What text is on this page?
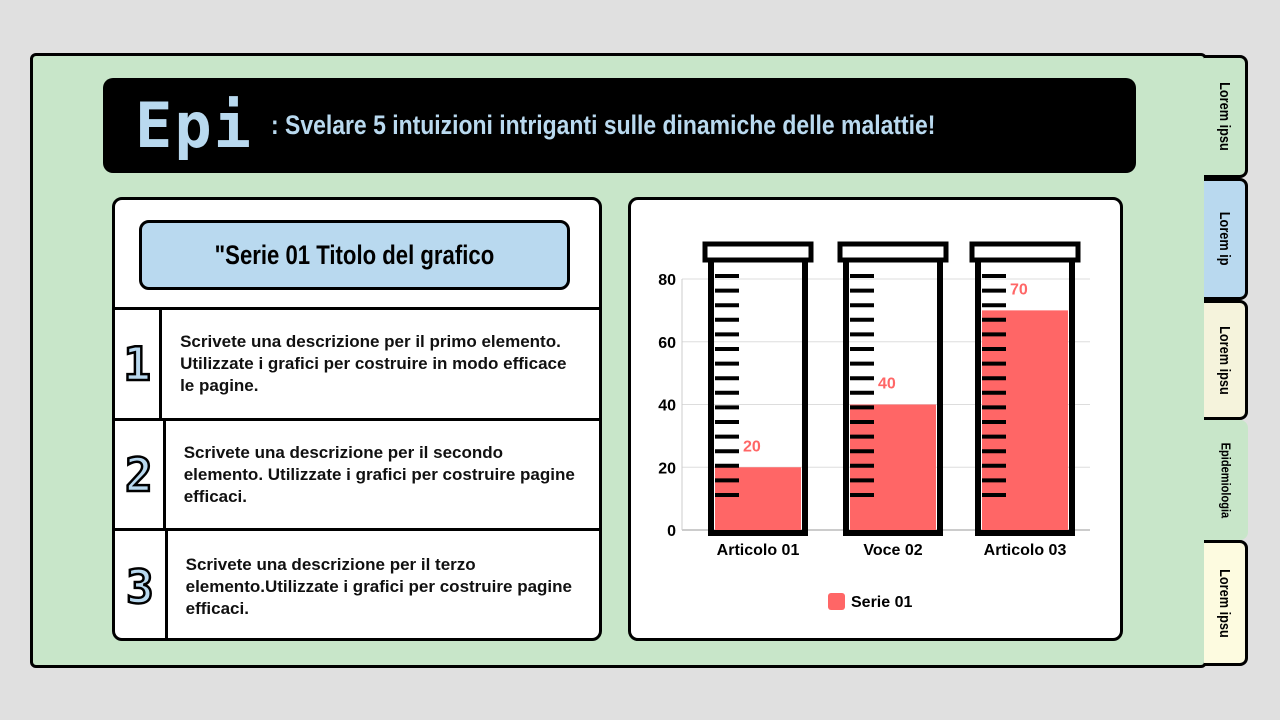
Epi : Svelare 5 intuizioni intriganti sulle dinamiche delle malattie!
"Serie 01 Titolo del grafico
1	Scrivete una descrizione per il primo elemento. Utilizzate i grafici per costruire in modo efficace le pagine.
2	Scrivete una descrizione per il secondo elemento. Utilizzate i grafici per costruire pagine efficaci.
3	Scrivete una descrizione per il terzo elemento.Utilizzate i grafici per costruire pagine efficaci.
0
20
40
60
80
20
Articolo 01
40
Voce 02
70
Articolo 03
Serie 01
Lorem ipsu
Lorem ip
Lorem ipsu
Epidemiologia
Lorem ipsu
